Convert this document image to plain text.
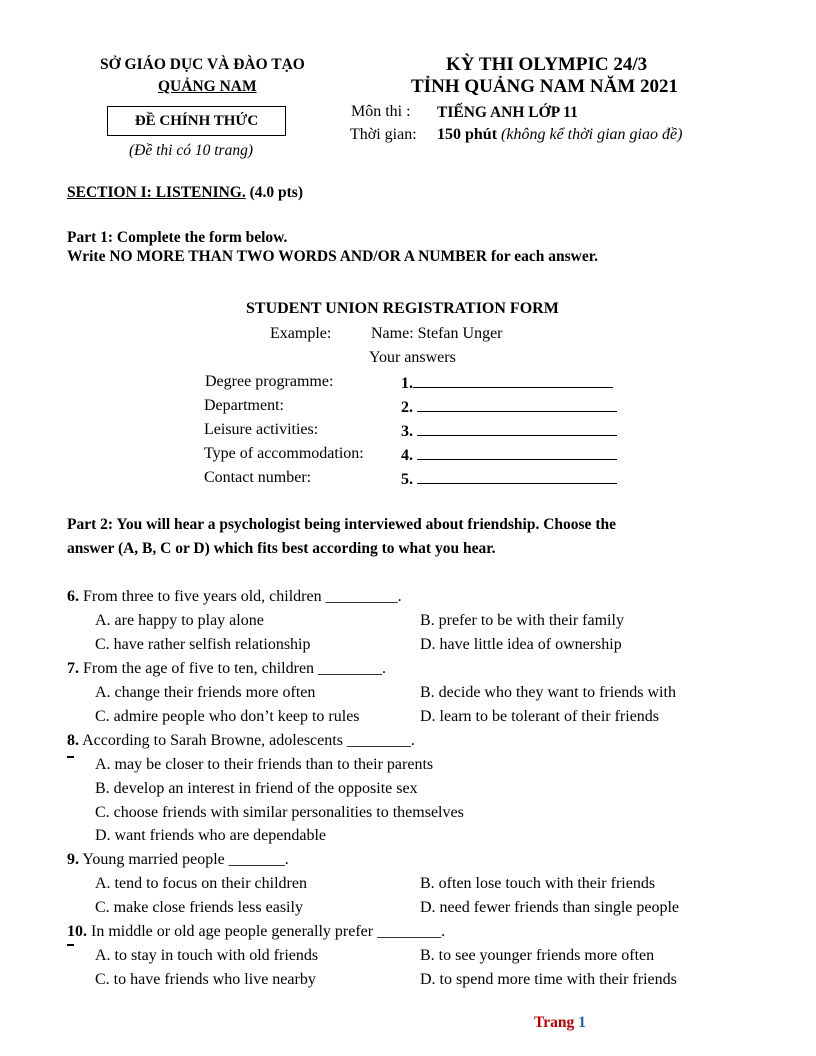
SỞ GIÁO DỤC VÀ ĐÀO TẠO
QUẢNG NAM
ĐỀ CHÍNH THỨC
(Đề thi có 10 trang)
KỲ THI OLYMPIC 24/3
TỈNH QUẢNG NAM NĂM 2021
Môn thi : TIẾNG ANH LỚP 11
Thời gian: 150 phút (không kể thời gian giao đề)
SECTION I: LISTENING. (4.0 pts)
Part 1: Complete the form below.
Write NO MORE THAN TWO WORDS AND/OR A NUMBER for each answer.
STUDENT UNION REGISTRATION FORM
Example: Name: Stefan Unger
Your answers
Degree programme:	1.
Department:	2.
Leisure activities:	3.
Type of accommodation: 4.
Contact number:	5.
Part 2: You will hear a psychologist being interviewed about friendship. Choose the
answer (A, B, C or D) which fits best according to what you hear.
6. From three to five years old, children _________.
A. are happy to play alone	B. prefer to be with their family
C. have rather selfish relationship	D. have little idea of ownership
7. From the age of five to ten, children ________.
A. change their friends more often	B. decide who they want to friends with
C. admire people who don’t keep to rules	D. learn to be tolerant of their friends
8. According to Sarah Browne, adolescents ________.
A. may be closer to their friends than to their parents
B. develop an interest in friend of the opposite sex
C. choose friends with similar personalities to themselves
D. want friends who are dependable
9. Young married people _______.
A. tend to focus on their children	B. often lose touch with their friends
C. make close friends less easily	D. need fewer friends than single people
10. In middle or old age people generally prefer ________.
A. to stay in touch with old friends	B. to see younger friends more often
C. to have friends who live nearby	D. to spend more time with their friends
Trang 1
